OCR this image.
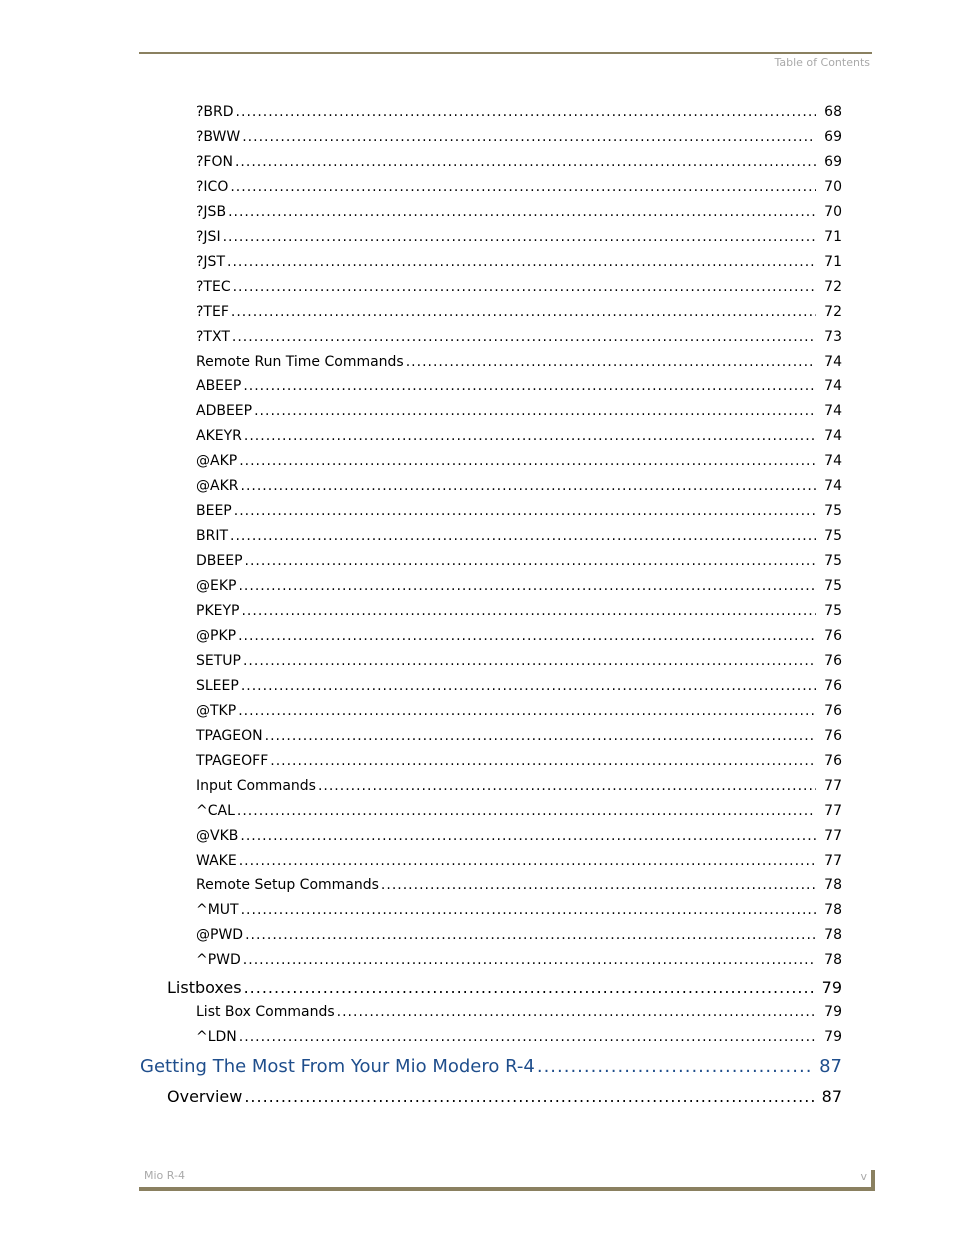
Table of Contents
?BRD .....	68
?BWW .....	69
?FON .....	69
?ICO .....	70
?JSB .....	70
?JSI .....	71
?JST .....	71
?TEC .....	72
?TEF .....	72
?TXT .....	73
Remote Run Time Commands .....	74
ABEEP .....	74
ADBEEP .....	74
AKEYR .....	74
@AKP .....	74
@AKR .....	74
BEEP .....	75
BRIT .....	75
DBEEP .....	75
@EKP .....	75
PKEYP .....	75
@PKP .....	76
SETUP .....	76
SLEEP .....	76
@TKP .....	76
TPAGEON .....	76
TPAGEOFF .....	76
Input Commands .....	77
^CAL .....	77
@VKB .....	77
WAKE .....	77
Remote Setup Commands .....	78
^MUT .....	78
@PWD .....	78
^PWD .....	78
Listboxes .....	79
List Box Commands .....	79
^LDN .....	79
Getting The Most From Your Mio Modero R-4 .....	87
Overview .....	87
Mio R-4	v
